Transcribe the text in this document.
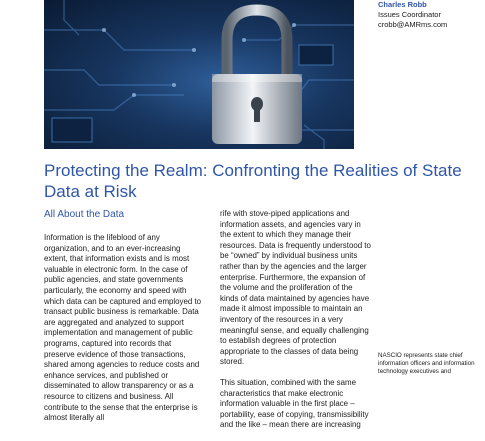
Charles Robb
Issues Coordinator
crobb@AMRms.com
Protecting the Realm: Confronting the Realities of State Data at Risk
All About the Data

Information is the lifeblood of any organization, and to an ever-increasing extent, that information exists and is most valuable in electronic form. In the case of public agencies, and state governments particularly, the economy and speed with which data can be captured and employed to transact public business is remarkable. Data are aggregated and analyzed to support implementation and management of public programs, captured into records that preserve evidence of those transactions, shared among agencies to reduce costs and enhance services, and published or disseminated to allow transparency or as a resource to citizens and business. All contribute to the sense that the enterprise is almost literally all

rife with stove-piped applications and information assets, and agencies vary in the extent to which they manage their resources. Data is frequently understood to be “owned” by individual business units rather than by the agencies and the larger enterprise. Furthermore, the expansion of the volume and the proliferation of the kinds of data maintained by agencies have made it almost impossible to maintain an inventory of the resources in a very meaningful sense, and equally challenging to establish degrees of protection appropriate to the classes of data being stored.

This situation, combined with the same characteristics that make electronic information valuable in the first place – portability, ease of copying, transmissibility and the like – mean there are increasing

NASCIO represents state chief information officers and information technology executives and
